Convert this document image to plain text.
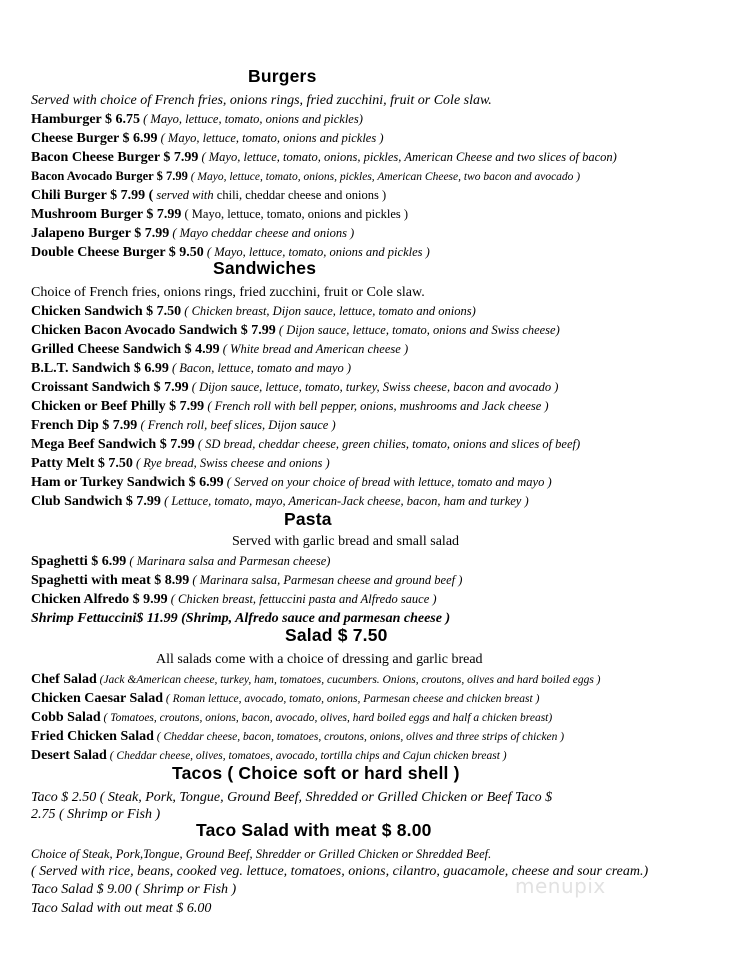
Burgers
Served with choice of French fries, onions rings, fried zucchini, fruit or Cole slaw.
Hamburger $ 6.75 ( Mayo, lettuce, tomato, onions and pickles)
Cheese Burger $ 6.99 ( Mayo, lettuce, tomato, onions and pickles )
Bacon Cheese Burger $ 7.99 ( Mayo, lettuce, tomato, onions, pickles, American Cheese and two slices of bacon)
Bacon Avocado Burger $ 7.99 ( Mayo, lettuce, tomato, onions, pickles, American Cheese, two bacon and avocado )
Chili Burger $ 7.99 ( served with chili, cheddar cheese and onions )
Mushroom Burger $ 7.99 ( Mayo, lettuce, tomato, onions and pickles )
Jalapeno Burger $ 7.99 ( Mayo cheddar cheese and onions )
Double Cheese Burger $ 9.50 ( Mayo, lettuce, tomato, onions and pickles )
Sandwiches
Choice of French fries, onions rings, fried zucchini, fruit or Cole slaw.
Chicken Sandwich $ 7.50 ( Chicken breast, Dijon sauce, lettuce, tomato and onions)
Chicken Bacon Avocado Sandwich $ 7.99 ( Dijon sauce, lettuce, tomato, onions and Swiss cheese)
Grilled Cheese Sandwich $ 4.99 ( White bread and American cheese )
B.L.T. Sandwich $ 6.99 ( Bacon, lettuce, tomato and mayo )
Croissant Sandwich $ 7.99 ( Dijon sauce, lettuce, tomato, turkey, Swiss cheese, bacon and avocado )
Chicken or Beef Philly $ 7.99 ( French roll with bell pepper, onions, mushrooms and Jack cheese )
French Dip $ 7.99 ( French roll, beef slices, Dijon sauce )
Mega Beef Sandwich $ 7.99 ( SD bread, cheddar cheese, green chilies, tomato, onions and slices of beef)
Patty Melt $ 7.50 ( Rye bread, Swiss cheese and onions )
Ham or Turkey Sandwich $ 6.99 ( Served on your choice of bread with lettuce, tomato and mayo )
Club Sandwich $ 7.99 ( Lettuce, tomato, mayo, American-Jack cheese, bacon, ham and turkey )
Pasta
Served with garlic bread and small salad
Spaghetti $ 6.99 ( Marinara salsa and Parmesan cheese)
Spaghetti with meat $ 8.99 ( Marinara salsa, Parmesan cheese and ground beef )
Chicken Alfredo $ 9.99 ( Chicken breast, fettuccini pasta and Alfredo sauce )
Shrimp Fettuccini$ 11.99 (Shrimp, Alfredo sauce and parmesan cheese )
Salad $ 7.50
All salads come with a choice of dressing and garlic bread
Chef Salad (Jack &American cheese, turkey, ham, tomatoes, cucumbers. Onions, croutons, olives and hard boiled eggs )
Chicken Caesar Salad ( Roman lettuce, avocado, tomato, onions, Parmesan cheese and chicken breast )
Cobb Salad ( Tomatoes, croutons, onions, bacon, avocado, olives, hard boiled eggs and half a chicken breast)
Fried Chicken Salad ( Cheddar cheese, bacon, tomatoes, croutons, onions, olives and three strips of chicken )
Desert Salad ( Cheddar cheese, olives, tomatoes, avocado, tortilla chips and Cajun chicken breast )
Tacos ( Choice soft or hard shell )
Taco $ 2.50 ( Steak, Pork, Tongue, Ground Beef, Shredded or Grilled Chicken or Beef Taco $
2.75 ( Shrimp or Fish )
Taco Salad with meat $ 8.00
Choice of Steak, Pork,Tongue, Ground Beef, Shredder or Grilled Chicken or Shredded Beef.
( Served with rice, beans, cooked veg. lettuce, tomatoes, onions, cilantro, guacamole, cheese and sour cream.)
Taco Salad $ 9.00 ( Shrimp or Fish )
Taco Salad with out meat $ 6.00
menupix
